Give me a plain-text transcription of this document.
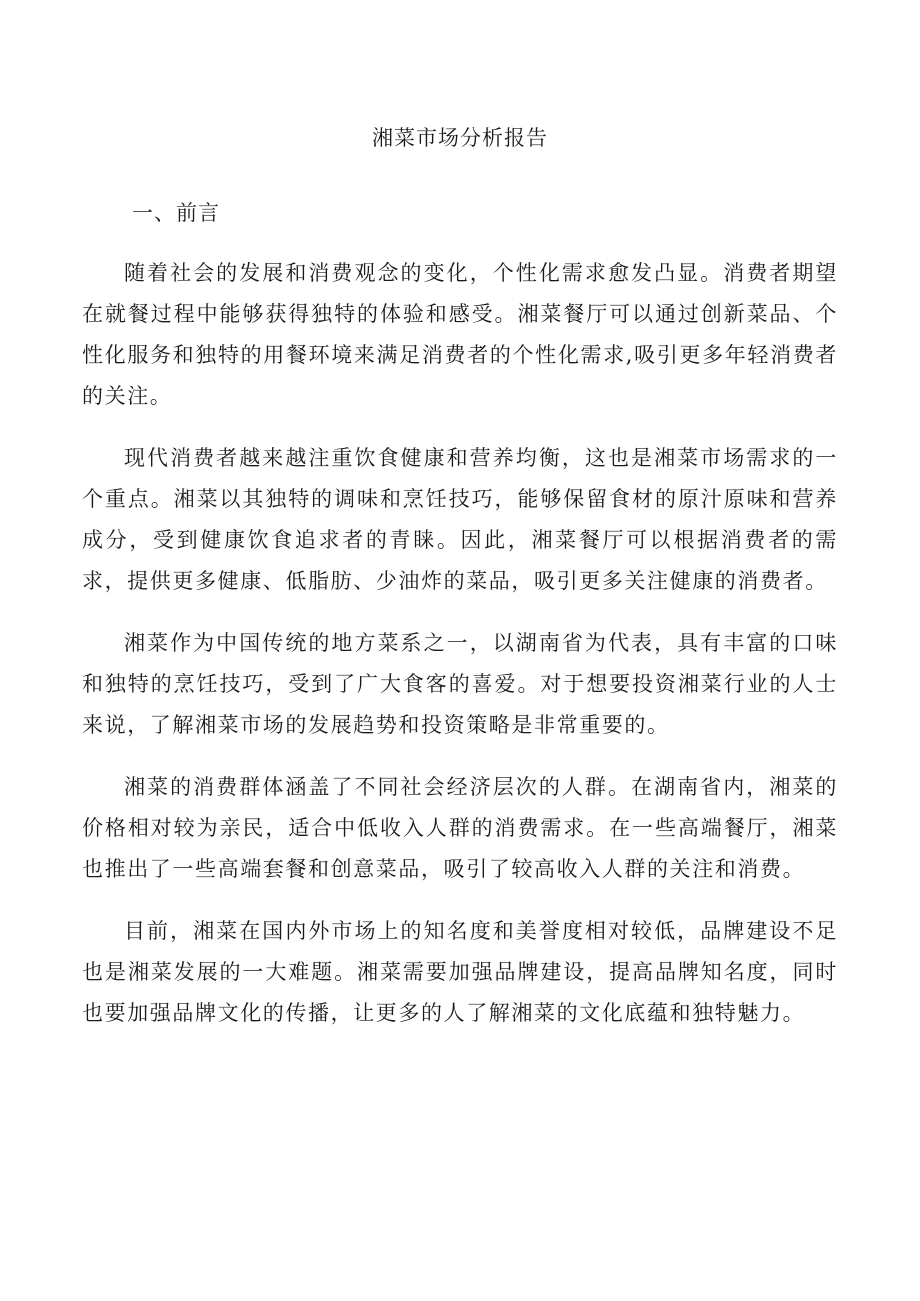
湘菜市场分析报告
一、前言

随着社会的发展和消费观念的变化，个性化需求愈发凸显。消费者期望在就餐过程中能够获得独特的体验和感受。湘菜餐厅可以通过创新菜品、个性化服务和独特的用餐环境来满足消费者的个性化需求,吸引更多年轻消费者的关注。

现代消费者越来越注重饮食健康和营养均衡，这也是湘菜市场需求的一个重点。湘菜以其独特的调味和烹饪技巧，能够保留食材的原汁原味和营养成分，受到健康饮食追求者的青睐。因此，湘菜餐厅可以根据消费者的需求，提供更多健康、低脂肪、少油炸的菜品，吸引更多关注健康的消费者。

湘菜作为中国传统的地方菜系之一，以湖南省为代表，具有丰富的口味和独特的烹饪技巧，受到了广大食客的喜爱。对于想要投资湘菜行业的人士来说，了解湘菜市场的发展趋势和投资策略是非常重要的。

湘菜的消费群体涵盖了不同社会经济层次的人群。在湖南省内，湘菜的价格相对较为亲民，适合中低收入人群的消费需求。在一些高端餐厅，湘菜也推出了一些高端套餐和创意菜品，吸引了较高收入人群的关注和消费。

目前，湘菜在国内外市场上的知名度和美誉度相对较低，品牌建设不足也是湘菜发展的一大难题。湘菜需要加强品牌建设，提高品牌知名度，同时也要加强品牌文化的传播，让更多的人了解湘菜的文化底蕴和独特魅力。
